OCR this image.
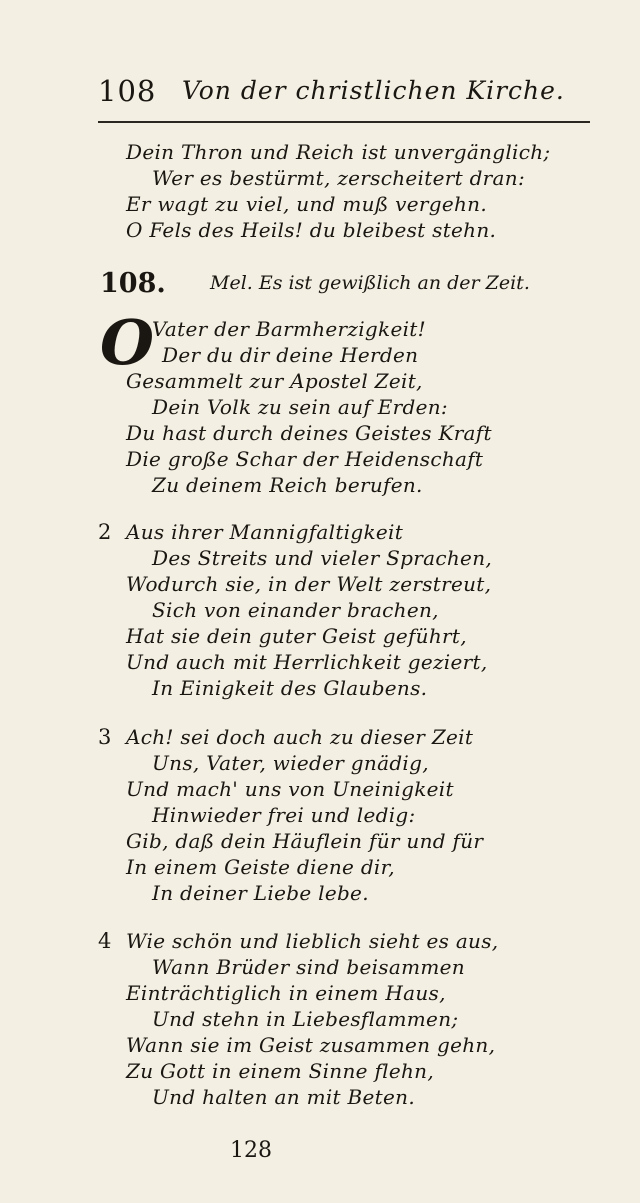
108 Von der christlichen Kirche.
Dein Thron und Reich ist unvergänglich;
Wer es bestürmt, zerscheitert dran:
Er wagt zu viel, und muß vergehn.
O Fels des Heils! du bleibest stehn.
108. Mel. Es ist gewißlich an der Zeit.
O
Vater der Barmherzigkeit!
Der du dir deine Herden
Gesammelt zur Apostel Zeit,
Dein Volk zu sein auf Erden:
Du hast durch deines Geistes Kraft
Die große Schar der Heidenschaft
Zu deinem Reich berufen.
2 Aus ihrer Mannigfaltigkeit
Des Streits und vieler Sprachen,
Wodurch sie, in der Welt zerstreut,
Sich von einander brachen,
Hat sie dein guter Geist geführt,
Und auch mit Herrlichkeit geziert,
In Einigkeit des Glaubens.
3 Ach! sei doch auch zu dieser Zeit
Uns, Vater, wieder gnädig,
Und mach' uns von Uneinigkeit
Hinwieder frei und ledig:
Gib, daß dein Häuflein für und für
In einem Geiste diene dir,
In deiner Liebe lebe.
4 Wie schön und lieblich sieht es aus,
Wann Brüder sind beisammen
Einträchtiglich in einem Haus,
Und stehn in Liebesflammen;
Wann sie im Geist zusammen gehn,
Zu Gott in einem Sinne flehn,
Und halten an mit Beten.
128
